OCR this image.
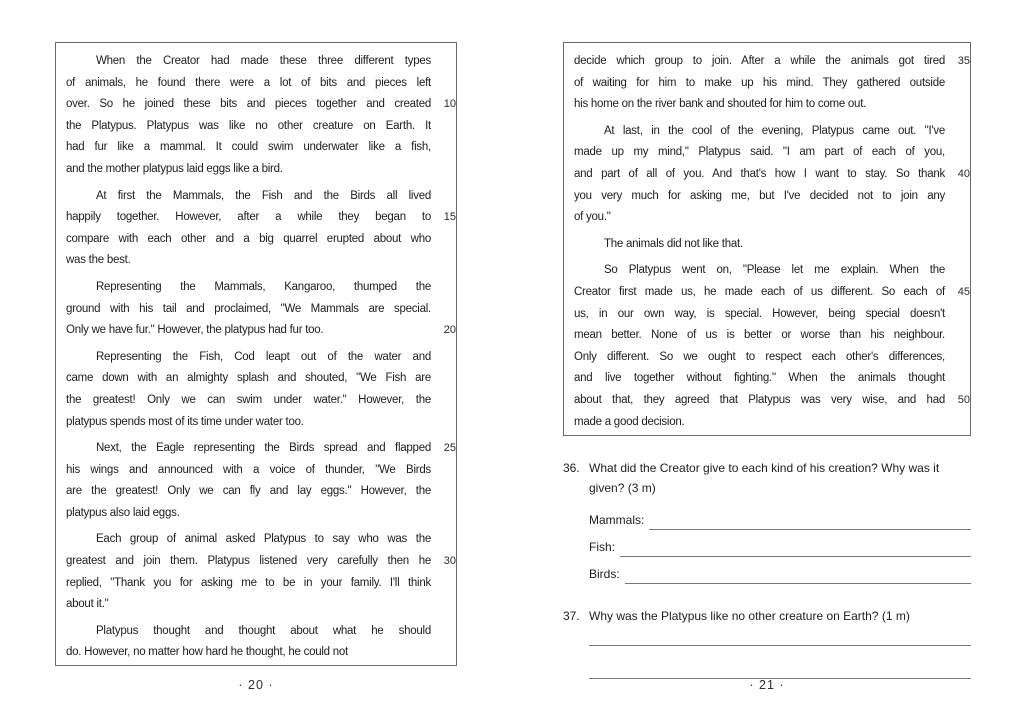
When the Creator had made these three different types
of animals, he found there were a lot of bits and pieces left
over. So he joined these bits and pieces together and created	10
the Platypus. Platypus was like no other creature on Earth. It
had fur like a mammal. It could swim underwater like a fish,
and the mother platypus laid eggs like a bird.
At first the Mammals, the Fish and the Birds all lived
happily together. However, after a while they began to	15
compare with each other and a big quarrel erupted about who
was the best.
Representing the Mammals, Kangaroo, thumped the
ground with his tail and proclaimed, "We Mammals are special.
Only we have fur." However, the platypus had fur too.	20
Representing the Fish, Cod leapt out of the water and
came down with an almighty splash and shouted, "We Fish are
the greatest! Only we can swim under water." However, the
platypus spends most of its time under water too.
Next, the Eagle representing the Birds spread and flapped	25
his wings and announced with a voice of thunder, "We Birds
are the greatest! Only we can fly and lay eggs." However, the
platypus also laid eggs.
Each group of animal asked Platypus to say who was the
greatest and join them. Platypus listened very carefully then he	30
replied, "Thank you for asking me to be in your family. I'll think
about it."
Platypus thought and thought about what he should
do. However, no matter how hard he thought, he could not
decide which group to join. After a while the animals got tired	35
of waiting for him to make up his mind. They gathered outside
his home on the river bank and shouted for him to come out.
At last, in the cool of the evening, Platypus came out. "I've
made up my mind," Platypus said. "I am part of each of you,
and part of all of you. And that's how I want to stay. So thank	40
you very much for asking me, but I've decided not to join any
of you."
The animals did not like that.
So Platypus went on, "Please let me explain. When the
Creator first made us, he made each of us different. So each of	45
us, in our own way, is special. However, being special doesn't
mean better. None of us is better or worse than his neighbour.
Only different. So we ought to respect each other's differences,
and live together without fighting." When the animals thought
about that, they agreed that Platypus was very wise, and had	50
made a good decision.
36. What did the Creator give to each kind of his creation? Why was it given? (3 m)
Mammals:
Fish:
Birds:
37. Why was the Platypus like no other creature on Earth? (1 m)
· 20 ·	· 21 ·
